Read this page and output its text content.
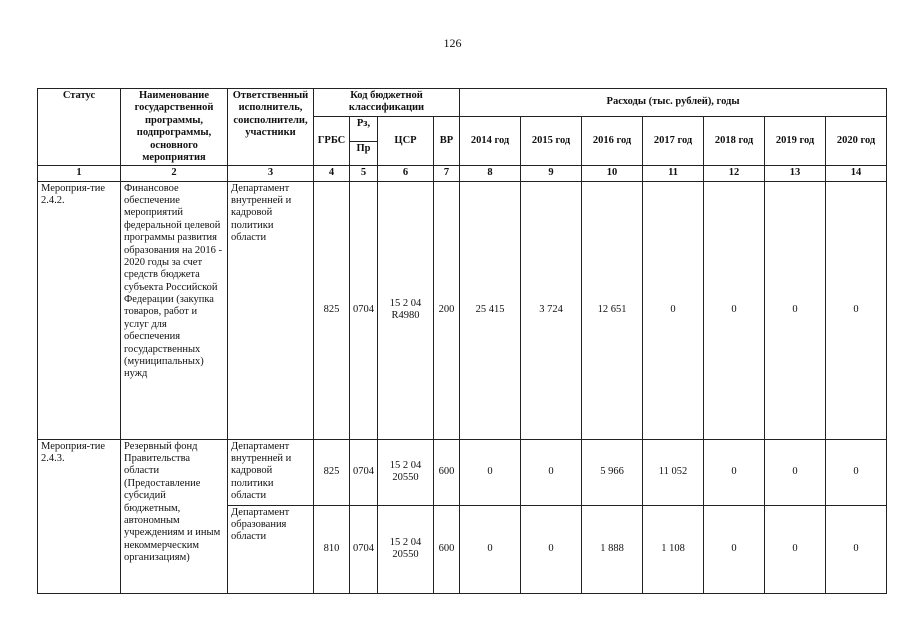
126
Статус	Наименование государственной программы, подпрограммы, основного мероприятия	Ответственный исполнитель, соисполнители, участники	Код бюджетной классификации				Расходы (тыс. рублей), годы						
			ГРБС	Рз,	ЦСР	ВР	2014 год	2015 год	2016 год	2017 год	2018 год	2019 год	2020 год
				Пр									
1	2	3	4	5	6	7	8	9	10	11	12	13	14
Мероприя-тие 2.4.2.	Финансовое обеспечение мероприятий федеральной целевой программы развития образования на 2016 - 2020 годы за счет средств бюджета субъекта Российской Федерации (закупка товаров, работ и услуг для обеспечения государственных (муниципальных) нужд	Департамент внутренней и кадровой политики области	825	0704	15 2 04 R4980	200	25 415	3 724	12 651	0	0	0	0
Мероприя-тие 2.4.3.	Резервный фонд Правительства области (Предоставление субсидий бюджетным, автономным учреждениям и иным некоммерческим организациям)	Департамент внутренней и кадровой политики области	825	0704	15 2 04 20550	600	0	0	5 966	11 052	0	0	0
		Департамент образования области	810	0704	15 2 04 20550	600	0	0	1 888	1 108	0	0	0
